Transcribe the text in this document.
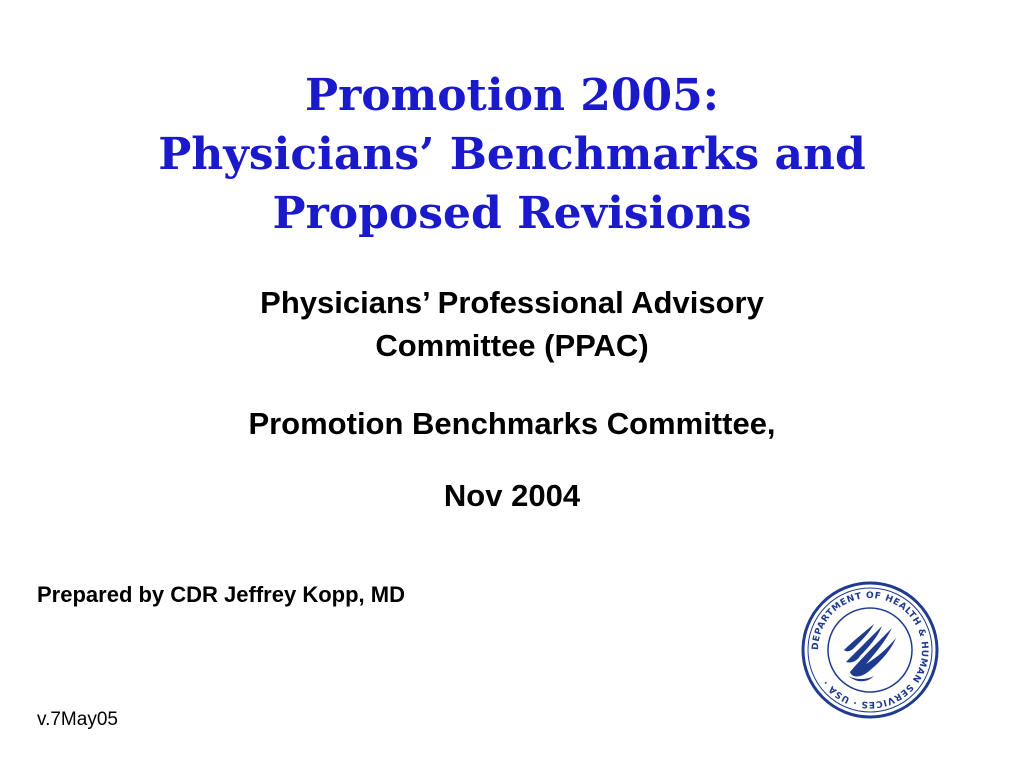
Promotion 2005:
Physicians’ Benchmarks and
Proposed Revisions
Physicians’ Professional Advisory
Committee (PPAC)
Promotion Benchmarks Committee,
Nov 2004
Prepared by CDR Jeffrey Kopp, MD
v.7May05
DEPARTMENT OF HEALTH & HUMAN SERVICES · USA ·
